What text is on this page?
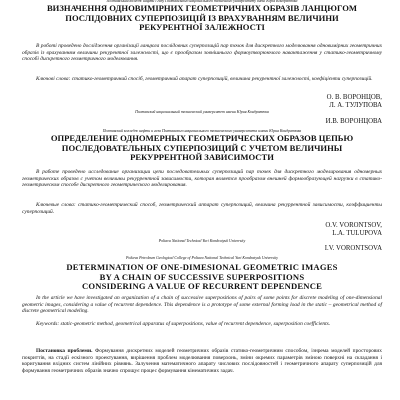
Полтавський коледж нафти і газу Полтавського національного технічного університету імені Юрія Кондратюка
ВИЗНАЧЕННЯ ОДНОВИМІРНИХ ГЕОМЕТРИЧНИХ ОБРАЗІВ ЛАНЦЮГОМ
ПОСЛІДОВНИХ СУПЕРПОЗИЦІЙ ІЗ ВРАХУВАННЯМ ВЕЛИЧИНИ
РЕКУРЕНТНОЇ ЗАЛЕЖНОСТІ
В роботі проведено дослідження організації ланцюга послідовних суперпозицій пар точок для дискретного моделювання одновимірних геометричних образів із врахуванням величини рекурентної залежності, що є прообразом зовнішнього формоутворюючого навантаження у статико-геометричному способі дискретного геометричного моделювання.
Ключові слова: статико-геометричний спосіб, геометричний апарат суперпозицій, величина рекурентної залежності, коефіцієнти суперпозицій.
О. В. ВОРОНЦОВ,
Л. А. ТУЛУПОВА
Полтавский национальный технический университет имени Юрия Кондратюка
И.В. ВОРОНЦОВА
Полтавский колледж нефти и газа Полтавского национального технического университета имени Юрия Кондратюка
ОПРЕДЕЛЕНИЕ ОДНОМЕРНЫХ ГЕОМЕТРИЧЕСКИХ ОБРАЗОВ ЦЕПЬЮ
ПОСЛЕДОВАТЕЛЬНЫХ СУПЕРПОЗИЦИЙ С УЧЕТОМ ВЕЛИЧИНЫ
РЕКУРРЕНТНОЙ ЗАВИСИМОСТИ
В работе проведено исследование организации цепи последовательных суперпозиций пар точек для дискретного моделирования одномерных геометрических образов с учетом величины рекуррентной зависимости, которая является прообразом внешней формообразующей нагрузки в статико-геометрическом способе дискретного геометрического моделирования.
Ключевые слова: статико-геометрический способ, геометрический аппарат суперпозиций, величина рекуррентной зависимости, коэффициенты суперпозиций.
O.V. VORONTSOV,
L.A. TULUPOVA
Poltava National Technical Yuri Kondratyuk University
I.V. VORONTSOVA
Poltava Petroleum Geological College of Poltava National Technical Yuri Kondratyuk University
DETERMINATION OF ONE-DIMESIONAL GEOMETRIC IMAGES
BY A CHAIN OF SUCCESSIVE SUPERPOSITIONS
CONSIDERING A VALUE OF RECURRENT DEPENDENCE
In the article we have investigated an organization of a chain of successive superpositions of pairs of some points for discrete modeling of one-dimensional geometric images, considering a value of recurrent dependence. This dependence is a prototype of some external forming load in the static – geometrical method of discrete geometrical modeling.
Keywords: static-geometric method, geometrical apparatus of superpositions, value of recurrent dependence, superposition coefficients.
Постановка проблеми. Формування дискретних моделей геометричних образів статико-геометричним способом, ізнрема моделей просторових покриттів, на стадії ескізного проектування, вирішення проблем моделювання поверхонь, зміни окремих параметрів зміною поверхні на складання і коригування вхідних систем лінійних рівнянь. Залучення математичного апарату числових послідовностей і геометричного апарату суперпозицій для формування геометричних образів значно спрощує процес формування кінематичних задач.
